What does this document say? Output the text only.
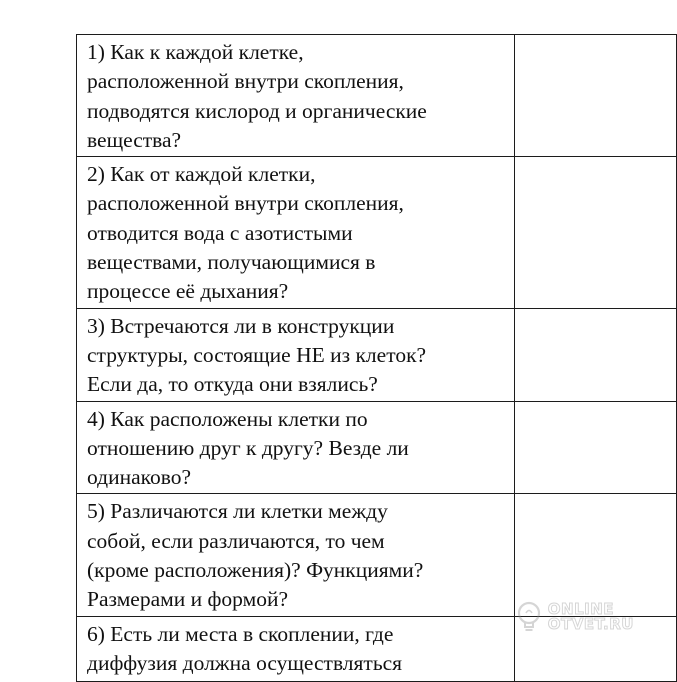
1) Как к каждой клетке,
расположенной внутри скопления,
подводятся кислород и органические
вещества?	

2) Как от каждой клетки,
расположенной внутри скопления,
отводится вода с азотистыми
веществами, получающимися в
процессе её дыхания?	

3) Встречаются ли в конструкции
структуры, состоящие НЕ из клеток?
Если да, то откуда они взялись?	

4) Как расположены клетки по
отношению друг к другу? Везде ли
одинаково?	

5) Различаются ли клетки между
собой, если различаются, то чем
(кроме расположения)? Функциями?
Размерами и формой?	

6) Есть ли места в скоплении, где
диффузия должна осуществляться	

ONLINE
OTVET.RU
